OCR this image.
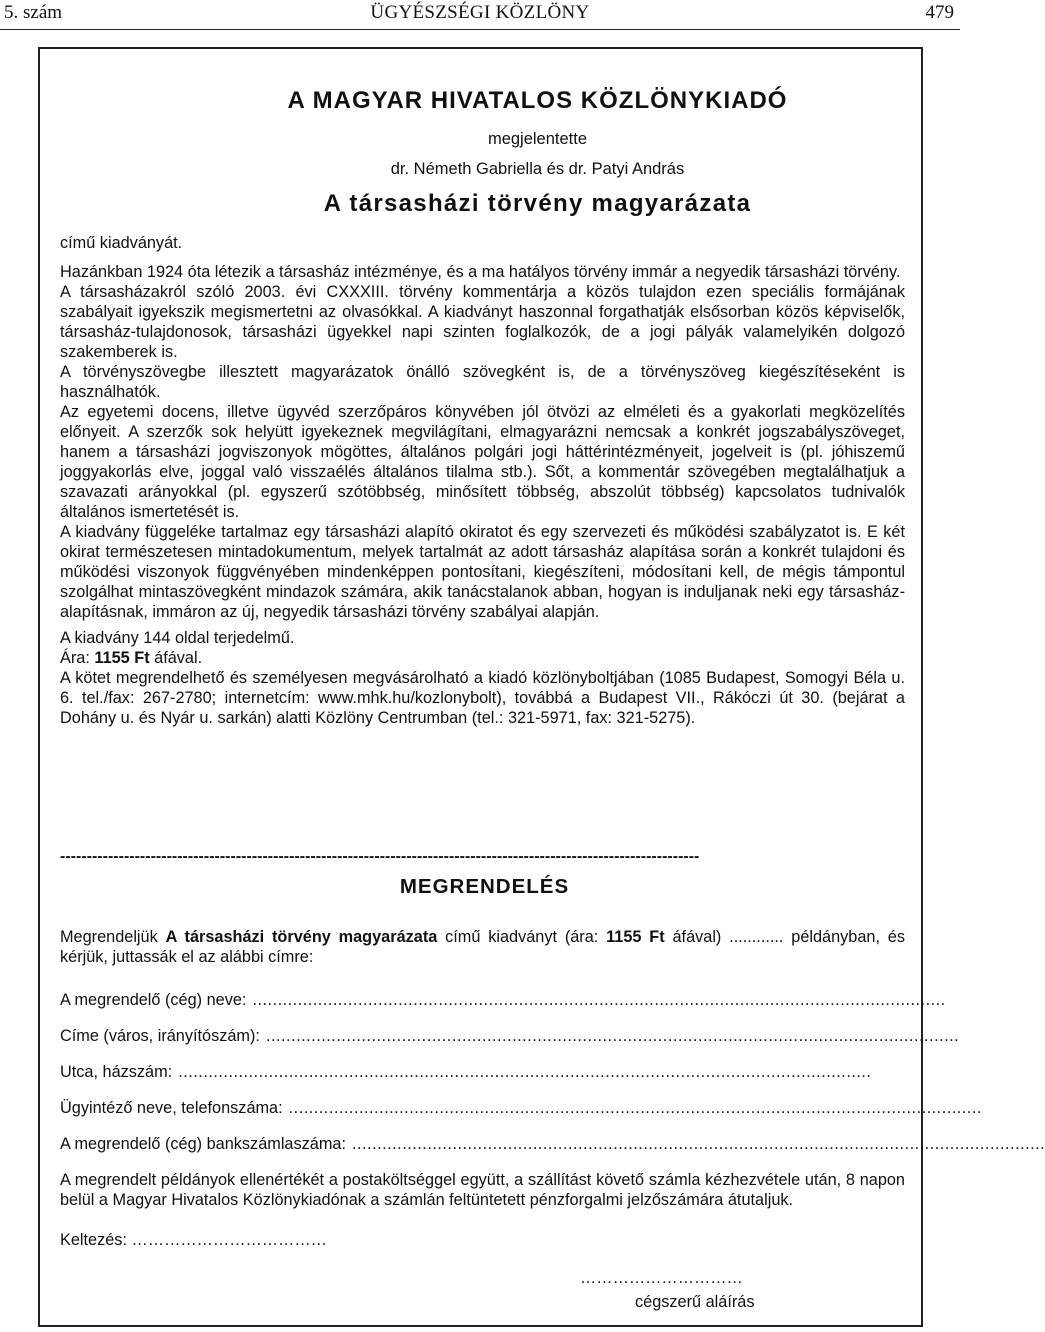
5. szám	ÜGYÉSZSÉGI KÖZLÖNY	479
A MAGYAR HIVATALOS KÖZLÖNYKIADÓ
megjelentette
dr. Németh Gabriella és dr. Patyi András
A társasházi törvény magyarázata

című kiadványát.

Hazánkban 1924 óta létezik a társasház intézménye, és a ma hatályos törvény immár a negyedik társasházi törvény.

A társasházakról szóló 2003. évi CXXXIII. törvény kommentárja a közös tulajdon ezen speciális formájának szabályait igyekszik megismertetni az olvasókkal. A kiadványt haszonnal forgathatják elsősorban közös képviselők, társasház-tulajdonosok, társasházi ügyekkel napi szinten foglalkozók, de a jogi pályák valamelyikén dolgozó szakemberek is.

A törvényszövegbe illesztett magyarázatok önálló szövegként is, de a törvényszöveg kiegészítéseként is használhatók.

Az egyetemi docens, illetve ügyvéd szerzőpáros könyvében jól ötvözi az elméleti és a gyakorlati megközelítés előnyeit. A szerzők sok helyütt igyekeznek megvilágítani, elmagyarázni nemcsak a konkrét jogszabályszöveget, hanem a társasházi jogviszonyok mögöttes, általános polgári jogi háttérintézményeit, jogelveit is (pl. jóhiszemű joggyakorlás elve, joggal való visszaélés általános tilalma stb.). Sőt, a kommentár szövegében megtalálhatjuk a szavazati arányokkal (pl. egyszerű szótöbbség, minősített többség, abszolút többség) kapcsolatos tudnivalók általános ismertetését is.

A kiadvány függeléke tartalmaz egy társasházi alapító okiratot és egy szervezeti és működési szabályzatot is. E két okirat természetesen mintadokumentum, melyek tartalmát az adott társasház alapítása során a konkrét tulajdoni és működési viszonyok függvényében mindenképpen pontosítani, kiegészíteni, módosítani kell, de mégis támpontul szolgálhat mintaszövegként mindazok számára, akik tanácstalanok abban, hogyan is induljanak neki egy társasház-alapításnak, immáron az új, negyedik társasházi törvény szabályai alapján.

A kiadvány 144 oldal terjedelmű.

Ára: 1155 Ft áfával.

A kötet megrendelhető és személyesen megvásárolható a kiadó közlönyboltjában (1085 Budapest, Somogyi Béla u. 6. tel./fax: 267-2780; internetcím: www.mhk.hu/kozlonybolt), továbbá a Budapest VII., Rákóczi út 30. (bejárat a Dohány u. és Nyár u. sarkán) alatti Közlöny Centrumban (tel.: 321-5971, fax: 321-5275).

------------------------------------------------------------------------------------------------------------------------
MEGRENDELÉS

Megrendeljük A társasházi törvény magyarázata című kiadványt (ára: 1155 Ft áfával) ............ példányban, és kérjük, juttassák el az alábbi címre:

A megrendelő (cég) neve: ..........................................................................................................................................
Címe (város, irányítószám): ..........................................................................................................................................
Utca, házszám: ..........................................................................................................................................
Ügyintéző neve, telefonszáma: ..........................................................................................................................................
A megrendelő (cég) bankszámlaszáma: ..........................................................................................................................................

A megrendelt példányok ellenértékét a postaköltséggel együtt, a szállítást követő számla kézhezvétele után, 8 napon belül a Magyar Hivatalos Közlönykiadónak a számlán feltüntetett pénzforgalmi jelzőszámára átutaljuk.

Keltezés: ………………………………
…………………………
cégszerű aláírás
